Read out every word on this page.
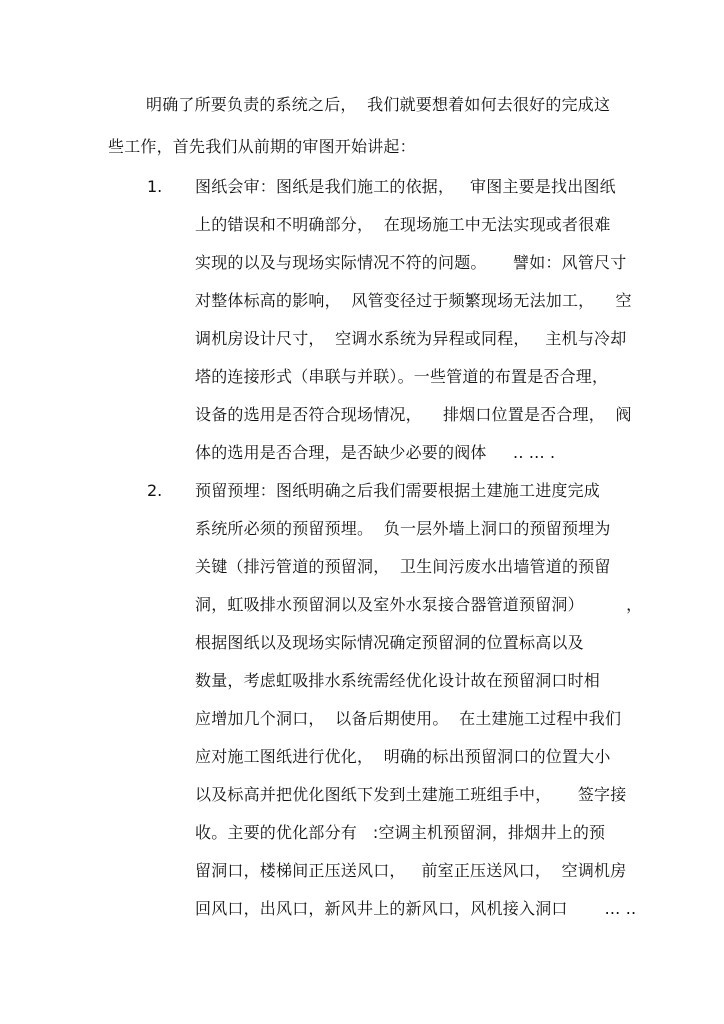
明确了所要负责的系统之后，  我们就要想着如何去很好的完成这
些工作，首先我们从前期的审图开始讲起：
1. 图纸会审：图纸是我们施工的依据，   审图主要是找出图纸
上的错误和不明确部分，  在现场施工中无法实现或者很难
实现的以及与现场实际情况不符的问题。     譬如：风管尺寸
对整体标高的影响，  风管变径过于频繁现场无法加工，    空
调机房设计尺寸，  空调水系统为异程或同程，   主机与冷却
塔的连接形式（串联与并联）。一些管道的布置是否合理，
设备的选用是否符合现场情况，    排烟口位置是否合理，  阀
体的选用是否合理，是否缺少必要的阀体     .. ... .
2. 预留预埋：图纸明确之后我们需要根据土建施工进度完成
系统所必须的预留预埋。  负一层外墙上洞口的预留预埋为
关键（排污管道的预留洞，  卫生间污废水出墙管道的预留
洞，虹吸排水预留洞以及室外水泵接合器管道预留洞）        ，
根据图纸以及现场实际情况确定预留洞的位置标高以及
数量，考虑虹吸排水系统需经优化设计故在预留洞口时相
应增加几个洞口，  以备后期使用。  在土建施工过程中我们
应对施工图纸进行优化，  明确的标出预留洞口的位置大小
以及标高并把优化图纸下发到土建施工班组手中，     签字接
收。主要的优化部分有   :空调主机预留洞，排烟井上的预
留洞口，楼梯间正压送风口，   前室正压送风口，  空调机房
回风口，出风口，新风井上的新风口，风机接入洞口       ... ..
